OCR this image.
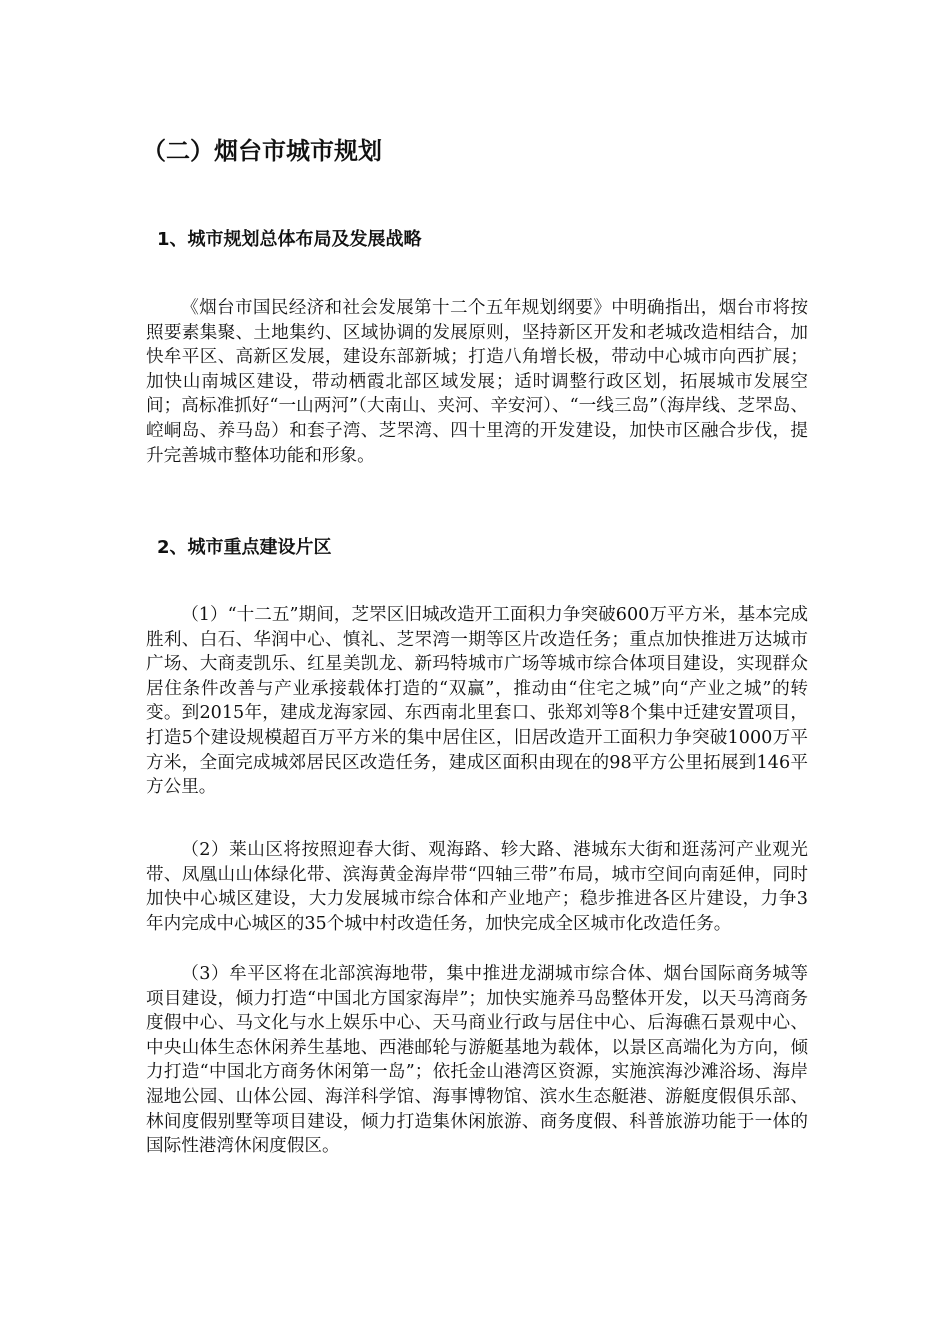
（二）烟台市城市规划
1、城市规划总体布局及发展战略

《烟台市国民经济和社会发展第十二个五年规划纲要》中明确指出，烟台市将按照要素集聚、土地集约、区域协调的发展原则，坚持新区开发和老城改造相结合，加快牟平区、高新区发展，建设东部新城；打造八角增长极，带动中心城市向西扩展；加快山南城区建设，带动栖霞北部区域发展；适时调整行政区划，拓展城市发展空间；高标准抓好“一山两河”（大南山、夹河、辛安河）、“一线三岛”（海岸线、芝罘岛、崆峒岛、养马岛）和套子湾、芝罘湾、四十里湾的开发建设，加快市区融合步伐，提升完善城市整体功能和形象。

2、城市重点建设片区

（1）“十二五”期间，芝罘区旧城改造开工面积力争突破600万平方米，基本完成胜利、白石、华润中心、慎礼、芝罘湾一期等区片改造任务；重点加快推进万达城市广场、大商麦凯乐、红星美凯龙、新玛特城市广场等城市综合体项目建设，实现群众居住条件改善与产业承接载体打造的“双赢”，推动由“住宅之城”向“产业之城”的转变。到2015年，建成龙海家园、东西南北里套口、张郑刘等8个集中迁建安置项目，打造5个建设规模超百万平方米的集中居住区，旧居改造开工面积力争突破1000万平方米，全面完成城郊居民区改造任务，建成区面积由现在的98平方公里拓展到146平方公里。

（2）莱山区将按照迎春大街、观海路、轸大路、港城东大街和逛荡河产业观光带、凤凰山山体绿化带、滨海黄金海岸带“四轴三带”布局，城市空间向南延伸，同时加快中心城区建设，大力发展城市综合体和产业地产；稳步推进各区片建设，力争3年内完成中心城区的35个城中村改造任务，加快完成全区城市化改造任务。

（3）牟平区将在北部滨海地带，集中推进龙湖城市综合体、烟台国际商务城等项目建设，倾力打造“中国北方国家海岸”；加快实施养马岛整体开发，以天马湾商务度假中心、马文化与水上娱乐中心、天马商业行政与居住中心、后海礁石景观中心、中央山体生态休闲养生基地、西港邮轮与游艇基地为载体，以景区高端化为方向，倾力打造“中国北方商务休闲第一岛”；依托金山港湾区资源，实施滨海沙滩浴场、海岸湿地公园、山体公园、海洋科学馆、海事博物馆、滨水生态艇港、游艇度假俱乐部、林间度假别墅等项目建设，倾力打造集休闲旅游、商务度假、科普旅游功能于一体的国际性港湾休闲度假区。
